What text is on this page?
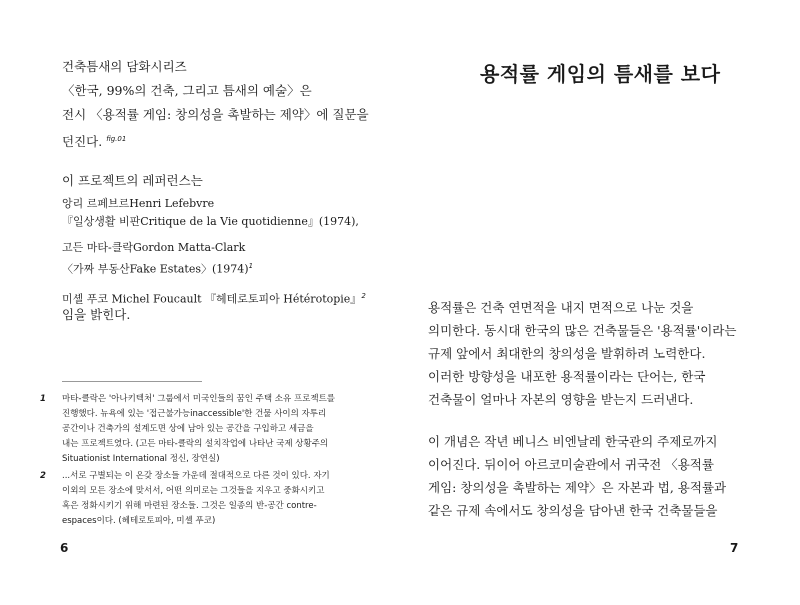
건축틈새의 담화시리즈
〈한국, 99%의 건축, 그리고 틈새의 예술〉은
전시 〈용적률 게임: 창의성을 촉발하는 제약〉에 질문을
던진다. $^{fig.01}$
이 프로젝트의 레퍼런스는
앙리 르페브르Henri Lefebvre
『일상생활 비판Critique de la Vie quotidienne』(1974),
고든 마타-클락Gordon Matta-Clark
〈가짜 부동산Fake Estates〉$(1974)^1$
미셸 푸코 Michel Foucault 『헤테로토피아 Hétérotopie』$^2$
임을 밝힌다.
1 마타-클락은 '아나키텍처' 그룹에서 미국인들의 꿈인 주택 소유 프로젝트를
진행했다. 뉴욕에 있는 '접근불가능inaccessible'한 건물 사이의 자투리
공간이나 건축가의 설계도면 상에 남아 있는 공간을 구입하고 세금을
내는 프로젝트였다. (고든 마타-클락의 설치작업에 나타난 국제 상황주의
Situationist International 정신, 장연실)
2 ...서로 구별되는 이 온갖 장소들 가운데 절대적으로 다른 것이 있다. 자기
이외의 모든 장소에 맞서서, 어떤 의미로는 그것들을 지우고 중화시키고
혹은 정화시키기 위해 마련된 장소들. 그것은 일종의 반-공간 contre-
espaces이다. (헤테로토피아, 미셸 푸코)
6
용적률 게임의 틈새를 보다
용적률은 건축 연면적을 내지 면적으로 나눈 것을
의미한다. 동시대 한국의 많은 건축물들은 '용적률'이라는
규제 앞에서 최대한의 창의성을 발휘하려 노력한다.
이러한 방향성을 내포한 용적률이라는 단어는, 한국
건축물이 얼마나 자본의 영향을 받는지 드러낸다.
이 개념은 작년 베니스 비엔날레 한국관의 주제로까지
이어진다. 뒤이어 아르코미술관에서 귀국전 〈용적률
게임: 창의성을 촉발하는 제약〉은 자본과 법, 용적률과
같은 규제 속에서도 창의성을 담아낸 한국 건축물들을
7
